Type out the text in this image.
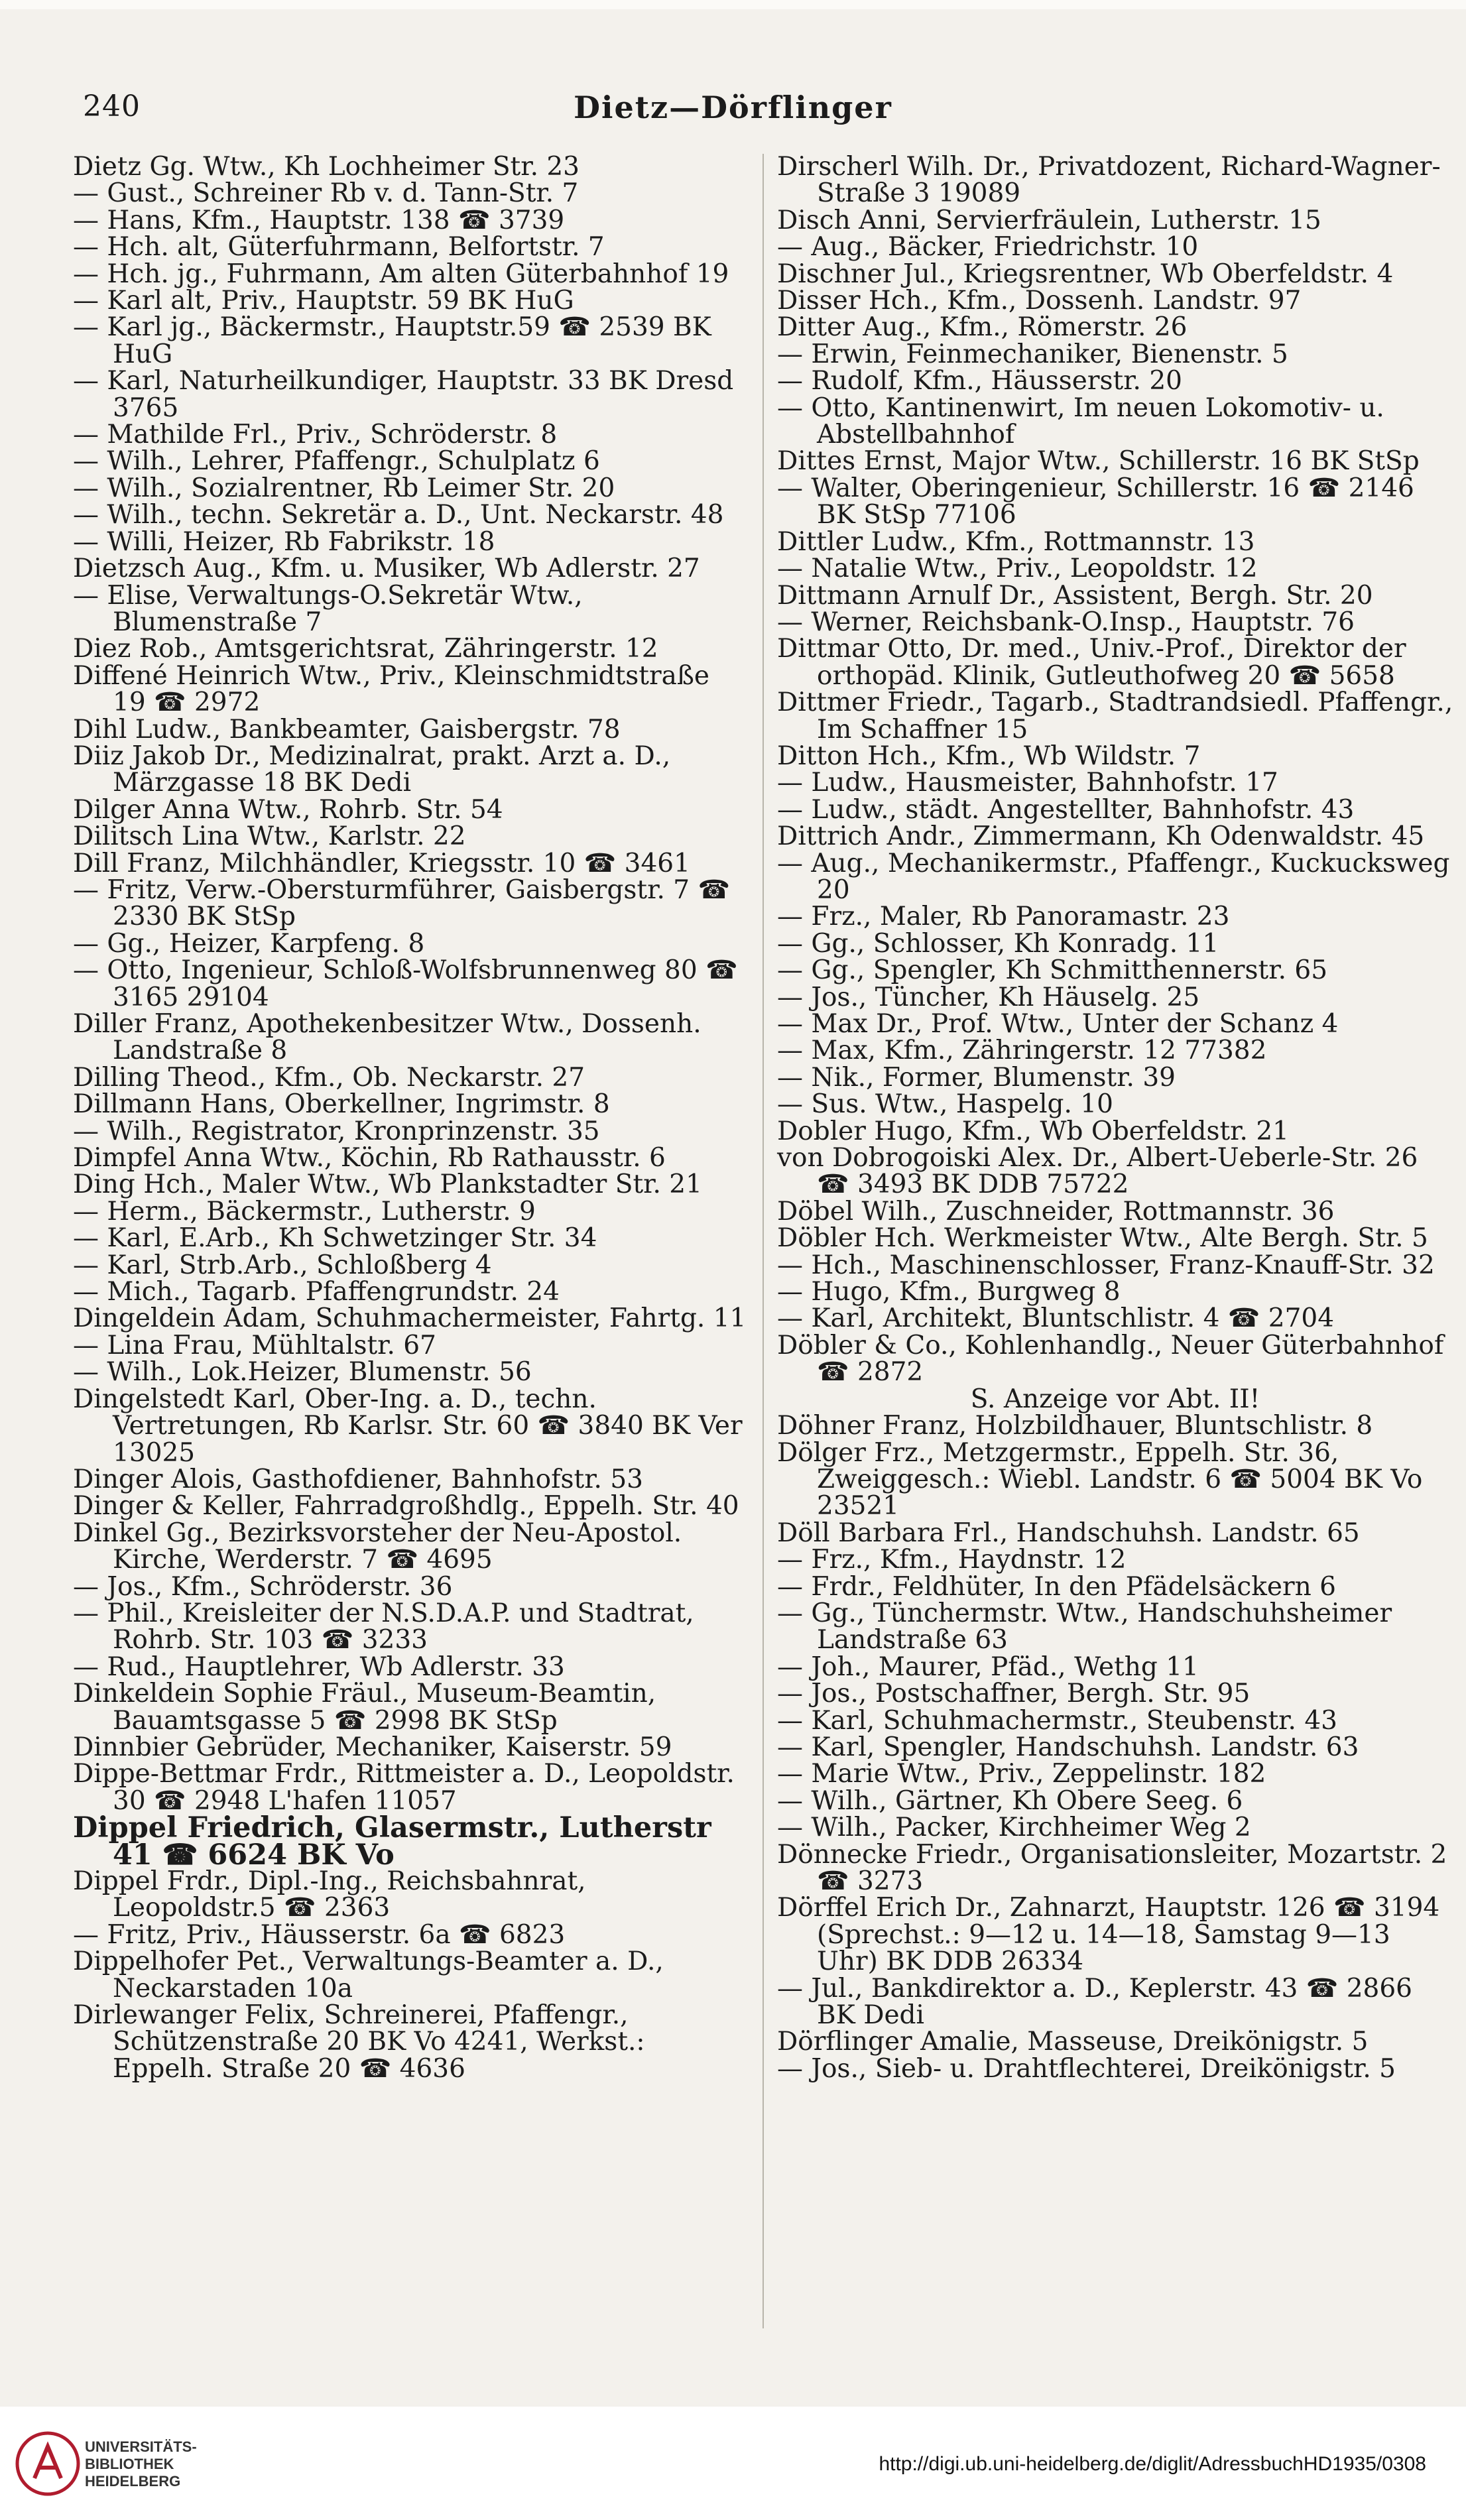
240	Dietz—Dörflinger
Dietz Gg. Wtw., Kh Lochheimer Str. 23
— Gust., Schreiner Rb v. d. Tann-Str. 7
— Hans, Kfm., Hauptstr. 138 ☎ 3739
— Hch. alt, Güterfuhrmann, Belfortstr. 7
— Hch. jg., Fuhrmann, Am alten Güterbahnhof 19
— Karl alt, Priv., Hauptstr. 59 BK HuG
— Karl jg., Bäckermstr., Hauptstr.59 ☎ 2539 BK HuG
— Karl, Naturheilkundiger, Hauptstr. 33 BK Dresd 3765
— Mathilde Frl., Priv., Schröderstr. 8
— Wilh., Lehrer, Pfaffengr., Schulplatz 6
— Wilh., Sozialrentner, Rb Leimer Str. 20
— Wilh., techn. Sekretär a. D., Unt. Neckarstr. 48
— Willi, Heizer, Rb Fabrikstr. 18
Dietzsch Aug., Kfm. u. Musiker, Wb Adlerstr. 27
— Elise, Verwaltungs-O.Sekretär Wtw., Blumenstraße 7
Diez Rob., Amtsgerichtsrat, Zähringerstr. 12
Diffené Heinrich Wtw., Priv., Kleinschmidtstraße 19 ☎ 2972
Dihl Ludw., Bankbeamter, Gaisbergstr. 78
Diiz Jakob Dr., Medizinalrat, prakt. Arzt a. D., Märzgasse 18 BK Dedi
Dilger Anna Wtw., Rohrb. Str. 54
Dilitsch Lina Wtw., Karlstr. 22
Dill Franz, Milchhändler, Kriegsstr. 10 ☎ 3461
— Fritz, Verw.-Obersturmführer, Gaisbergstr. 7 ☎ 2330 BK StSp
— Gg., Heizer, Karpfeng. 8
— Otto, Ingenieur, Schloß-Wolfsbrunnenweg 80 ☎ 3165 29104
Diller Franz, Apothekenbesitzer Wtw., Dossenh. Landstraße 8
Dilling Theod., Kfm., Ob. Neckarstr. 27
Dillmann Hans, Oberkellner, Ingrimstr. 8
— Wilh., Registrator, Kronprinzenstr. 35
Dimpfel Anna Wtw., Köchin, Rb Rathausstr. 6
Ding Hch., Maler Wtw., Wb Plankstadter Str. 21
— Herm., Bäckermstr., Lutherstr. 9
— Karl, E.Arb., Kh Schwetzinger Str. 34
— Karl, Strb.Arb., Schloßberg 4
— Mich., Tagarb. Pfaffengrundstr. 24
Dingeldein Adam, Schuhmachermeister, Fahrtg. 11
— Lina Frau, Mühltalstr. 67
— Wilh., Lok.Heizer, Blumenstr. 56
Dingelstedt Karl, Ober-Ing. a. D., techn. Vertretungen, Rb Karlsr. Str. 60 ☎ 3840 BK Ver 13025
Dinger Alois, Gasthofdiener, Bahnhofstr. 53
Dinger & Keller, Fahrradgroßhdlg., Eppelh. Str. 40
Dinkel Gg., Bezirksvorsteher der Neu-Apostol. Kirche, Werderstr. 7 ☎ 4695
— Jos., Kfm., Schröderstr. 36
— Phil., Kreisleiter der N.S.D.A.P. und Stadtrat, Rohrb. Str. 103 ☎ 3233
— Rud., Hauptlehrer, Wb Adlerstr. 33
Dinkeldein Sophie Fräul., Museum-Beamtin, Bauamtsgasse 5 ☎ 2998 BK StSp
Dinnbier Gebrüder, Mechaniker, Kaiserstr. 59
Dippe-Bettmar Frdr., Rittmeister a. D., Leopoldstr. 30 ☎ 2948 L'hafen 11057
Dippel Friedrich, Glasermstr., Lutherstr 41 ☎ 6624 BK Vo
Dippel Frdr., Dipl.-Ing., Reichsbahnrat, Leopoldstr.5 ☎ 2363
— Fritz, Priv., Häusserstr. 6a ☎ 6823
Dippelhofer Pet., Verwaltungs-Beamter a. D., Neckarstaden 10a
Dirlewanger Felix, Schreinerei, Pfaffengr., Schützenstraße 20 BK Vo 4241, Werkst.: Eppelh. Straße 20 ☎ 4636
Dirscherl Wilh. Dr., Privatdozent, Richard-Wagner-Straße 3 19089
Disch Anni, Servierfräulein, Lutherstr. 15
— Aug., Bäcker, Friedrichstr. 10
Dischner Jul., Kriegsrentner, Wb Oberfeldstr. 4
Disser Hch., Kfm., Dossenh. Landstr. 97
Ditter Aug., Kfm., Römerstr. 26
— Erwin, Feinmechaniker, Bienenstr. 5
— Rudolf, Kfm., Häusserstr. 20
— Otto, Kantinenwirt, Im neuen Lokomotiv- u. Abstellbahnhof
Dittes Ernst, Major Wtw., Schillerstr. 16 BK StSp
— Walter, Oberingenieur, Schillerstr. 16 ☎ 2146 BK StSp 77106
Dittler Ludw., Kfm., Rottmannstr. 13
— Natalie Wtw., Priv., Leopoldstr. 12
Dittmann Arnulf Dr., Assistent, Bergh. Str. 20
— Werner, Reichsbank-O.Insp., Hauptstr. 76
Dittmar Otto, Dr. med., Univ.-Prof., Direktor der orthopäd. Klinik, Gutleuthofweg 20 ☎ 5658
Dittmer Friedr., Tagarb., Stadtrandsiedl. Pfaffengr., Im Schaffner 15
Ditton Hch., Kfm., Wb Wildstr. 7
— Ludw., Hausmeister, Bahnhofstr. 17
— Ludw., städt. Angestellter, Bahnhofstr. 43
Dittrich Andr., Zimmermann, Kh Odenwaldstr. 45
— Aug., Mechanikermstr., Pfaffengr., Kuckucksweg 20
— Frz., Maler, Rb Panoramastr. 23
— Gg., Schlosser, Kh Konradg. 11
— Gg., Spengler, Kh Schmitthennerstr. 65
— Jos., Tüncher, Kh Häuselg. 25
— Max Dr., Prof. Wtw., Unter der Schanz 4
— Max, Kfm., Zähringerstr. 12 77382
— Nik., Former, Blumenstr. 39
— Sus. Wtw., Haspelg. 10
Dobler Hugo, Kfm., Wb Oberfeldstr. 21
von Dobrogoiski Alex. Dr., Albert-Ueberle-Str. 26 ☎ 3493 BK DDB 75722
Döbel Wilh., Zuschneider, Rottmannstr. 36
Döbler Hch. Werkmeister Wtw., Alte Bergh. Str. 5
— Hch., Maschinenschlosser, Franz-Knauff-Str. 32
— Hugo, Kfm., Burgweg 8
— Karl, Architekt, Bluntschlistr. 4 ☎ 2704
Döbler & Co., Kohlenhandlg., Neuer Güterbahnhof ☎ 2872
S. Anzeige vor Abt. II!
Döhner Franz, Holzbildhauer, Bluntschlistr. 8
Dölger Frz., Metzgermstr., Eppelh. Str. 36, Zweiggesch.: Wiebl. Landstr. 6 ☎ 5004 BK Vo 23521
Döll Barbara Frl., Handschuhsh. Landstr. 65
— Frz., Kfm., Haydnstr. 12
— Frdr., Feldhüter, In den Pfädelsäckern 6
— Gg., Tünchermstr. Wtw., Handschuhsheimer Landstraße 63
— Joh., Maurer, Pfäd., Wethg 11
— Jos., Postschaffner, Bergh. Str. 95
— Karl, Schuhmachermstr., Steubenstr. 43
— Karl, Spengler, Handschuhsh. Landstr. 63
— Marie Wtw., Priv., Zeppelinstr. 182
— Wilh., Gärtner, Kh Obere Seeg. 6
— Wilh., Packer, Kirchheimer Weg 2
Dönnecke Friedr., Organisationsleiter, Mozartstr. 2 ☎ 3273
Dörffel Erich Dr., Zahnarzt, Hauptstr. 126 ☎ 3194 (Sprechst.: 9—12 u. 14—18, Samstag 9—13 Uhr) BK DDB 26334
— Jul., Bankdirektor a. D., Keplerstr. 43 ☎ 2866 BK Dedi
Dörflinger Amalie, Masseuse, Dreikönigstr. 5
— Jos., Sieb- u. Drahtflechterei, Dreikönigstr. 5
UNIVERSITÄTS-
BIBLIOTHEK
HEIDELBERG
http://digi.ub.uni-heidelberg.de/diglit/AdressbuchHD1935/0308
